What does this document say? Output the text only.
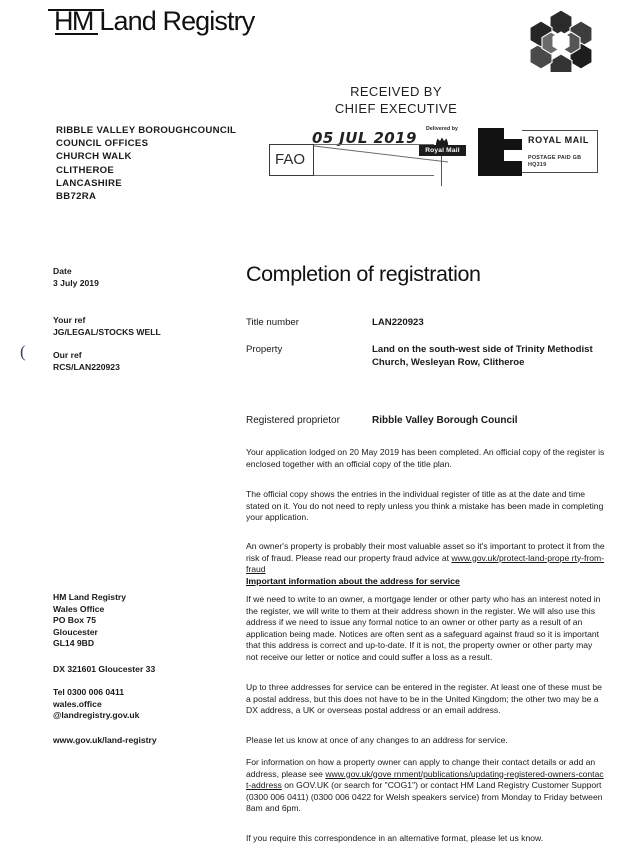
HM Land Registry
RIBBLE VALLEY BOROUGHCOUNCIL
COUNCIL OFFICES
CHURCH WALK
CLITHEROE
LANCASHIRE
BB72RA
RECEIVED BY
CHIEF EXECUTIVE
05 JUL 2019
FAO
Delivered by
Royal Mail
ROYAL MAIL
POSTAGE PAID GB
HQ319
Date
3 July 2019
Your ref
JG/LEGAL/STOCKS WELL
Our ref
RCS/LAN220923
(
Completion of registration
Title number	LAN220923
Property	Land on the south-west side of Trinity Methodist Church, Wesleyan Row, Clitheroe
Registered proprietor	Ribble Valley Borough Council
Your application lodged on 20 May 2019 has been completed. An official copy of the register is enclosed together with an official copy of the title plan.
The official copy shows the entries in the individual register of title as at the date and time stated on it. You do not need to reply unless you think a mistake has been made in completing your application.
An owner's property is probably their most valuable asset so it's important to protect it from the risk of fraud. Please read our property fraud advice at www.gov.uk/protect-land-prope rty-from-fraud
Important information about the address for service
If we need to write to an owner, a mortgage lender or other party who has an interest noted in the register, we will write to them at their address shown in the register. We will also use this address if we need to issue any formal notice to an owner or other party as a result of an application being made. Notices are often sent as a safeguard against fraud so it is important that this address is correct and up-to-date. If it is not, the property owner or other party may not receive our letter or notice and could suffer a loss as a result.
Up to three addresses for service can be entered in the register. At least one of these must be a postal address, but this does not have to be in the United Kingdom; the other two may be a DX address, a UK or overseas postal address or an email address.
Please let us know at once of any changes to an address for service.
For information on how a property owner can apply to change their contact details or add an address, please see www.gov.uk/gove rnment/publications/updating-registered-owners-contact-address on GOV.UK (or search for "COG1") or contact HM Land Registry Customer Support (0300 006 0411) (0300 006 0422 for Welsh speakers service) from Monday to Friday between 8am and 6pm.
If you require this correspondence in an alternative format, please let us know.
HM Land Registry
Wales Office
PO Box 75
Gloucester
GL14 9BD
DX 321601 Gloucester 33
Tel 0300 006 0411
wales.office
@landregistry.gov.uk
www.gov.uk/land-registry
